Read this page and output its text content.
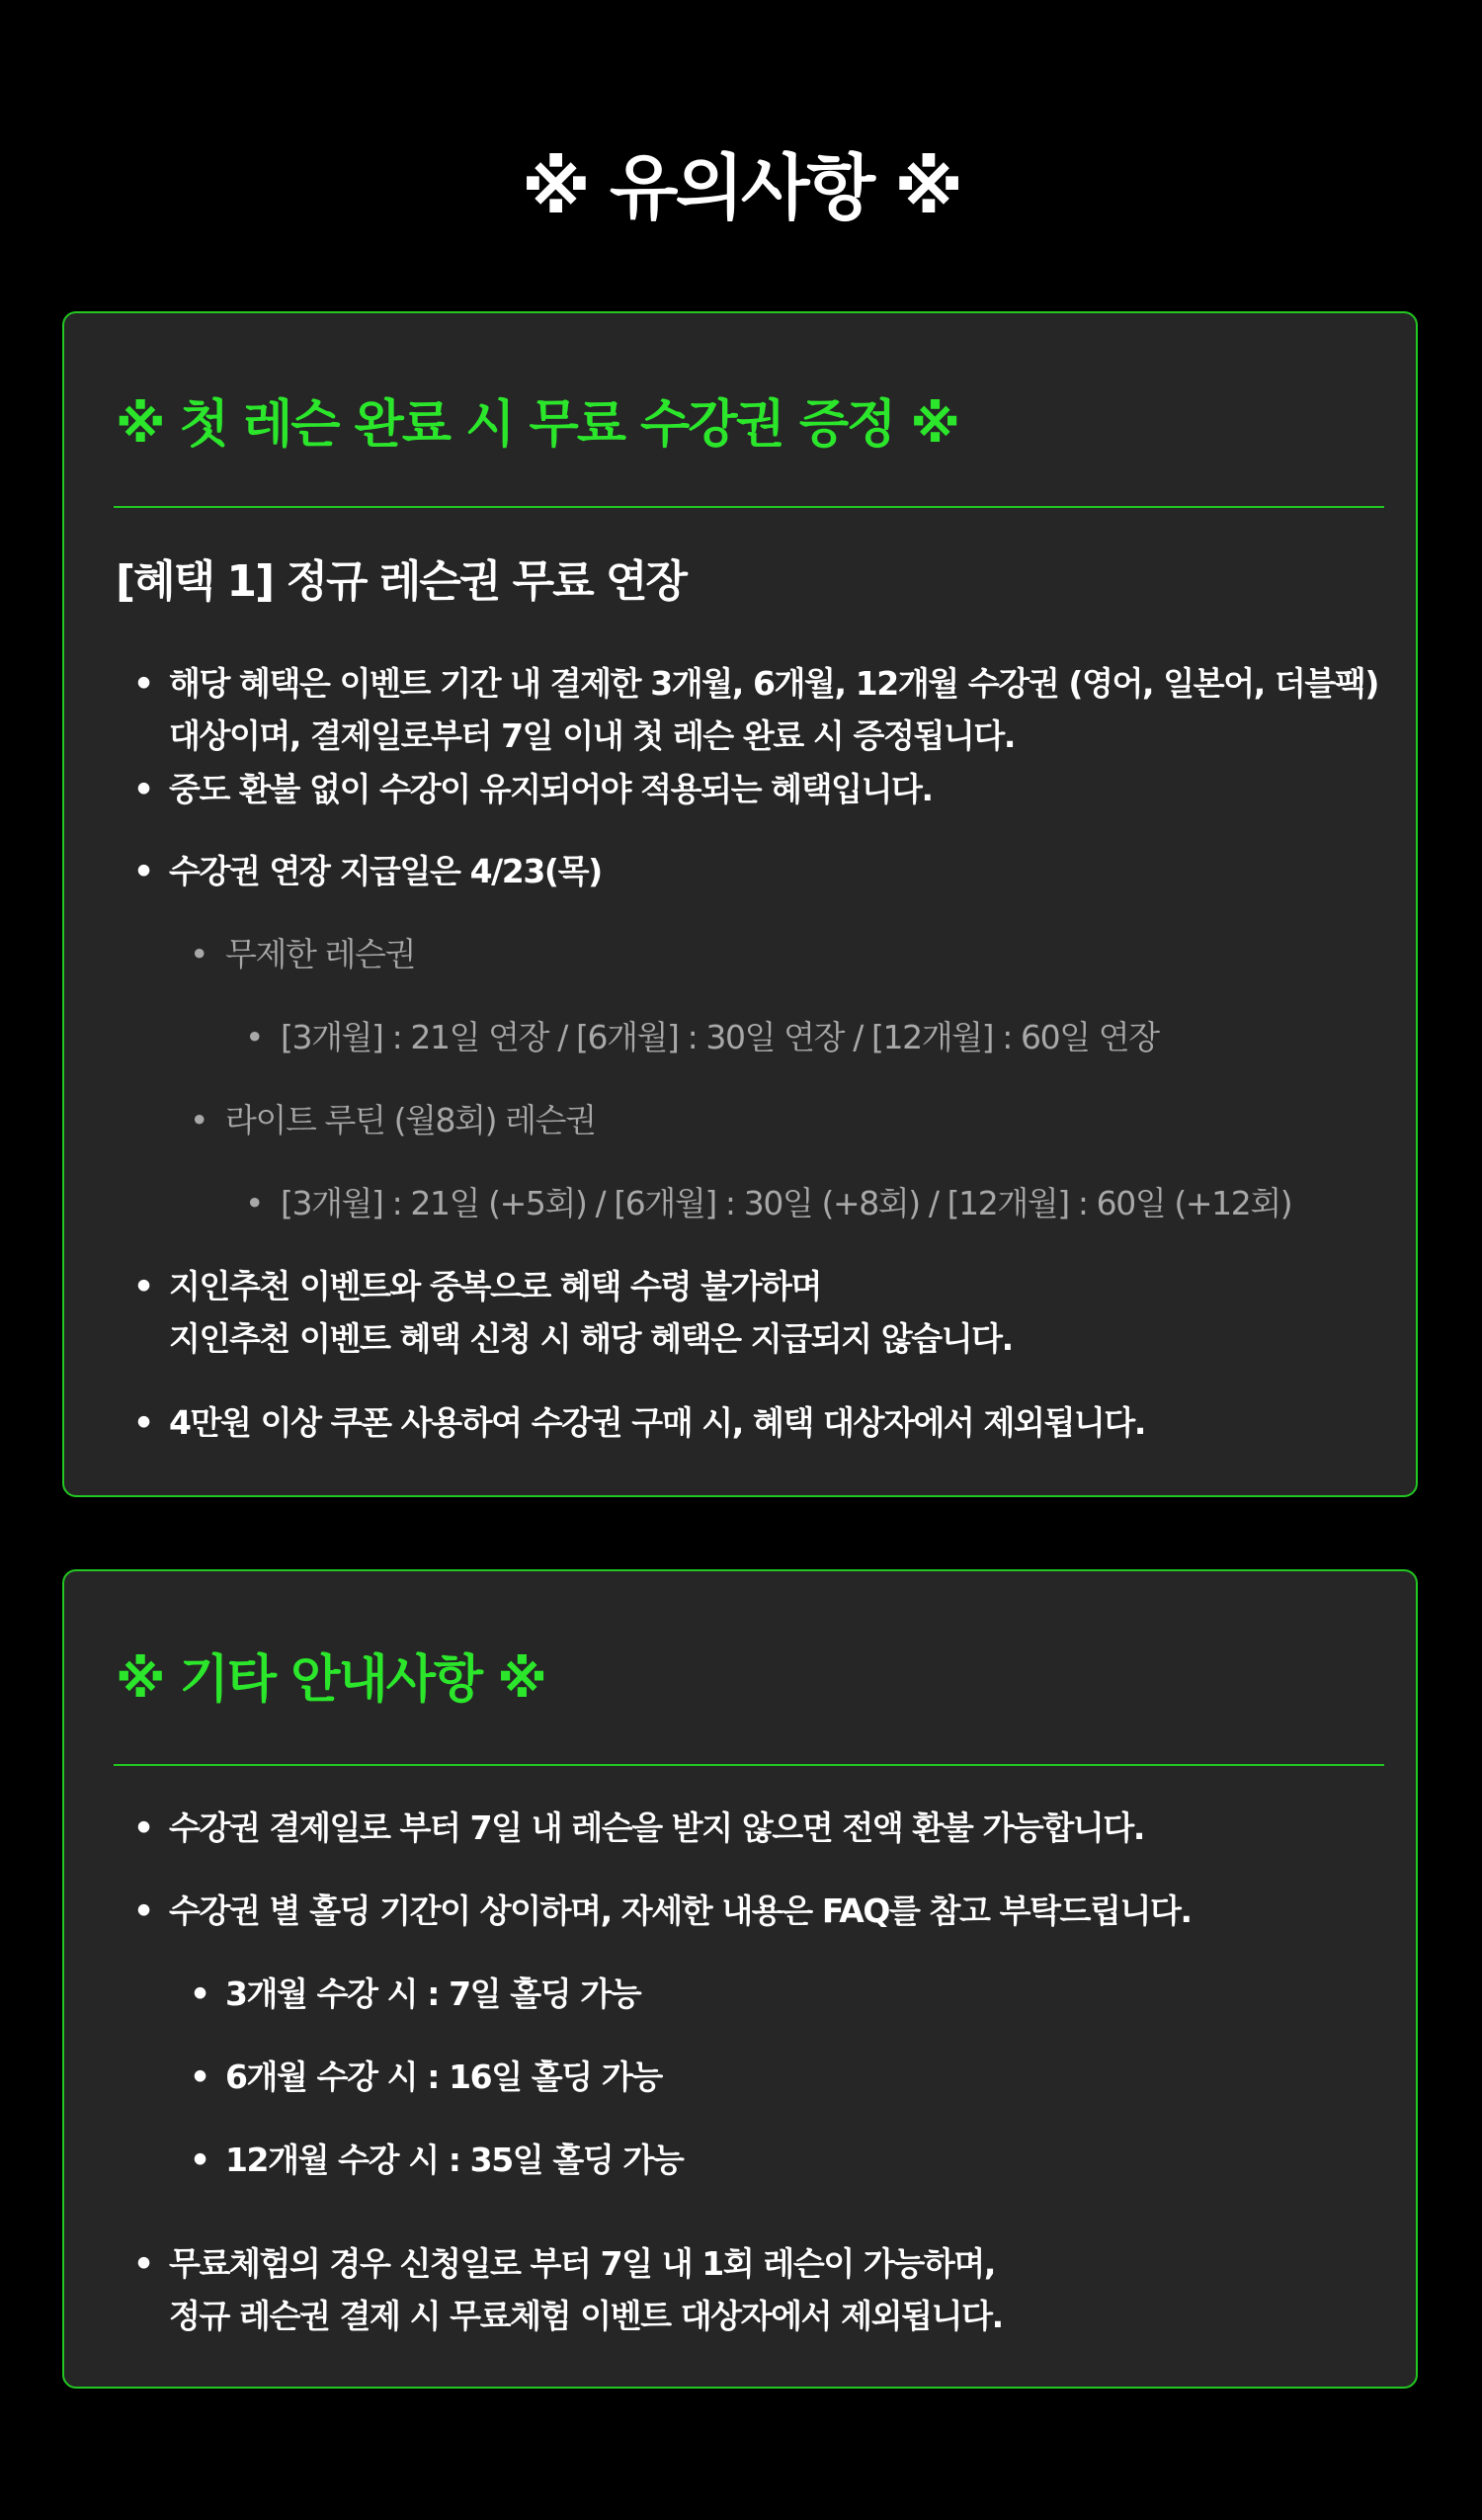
※ 유의사항 ※
※ 첫 레슨 완료 시 무료 수강권 증정 ※
[혜택 1] 정규 레슨권 무료 연장
• 해당 혜택은 이벤트 기간 내 결제한 3개월, 6개월, 12개월 수강권 (영어, 일본어, 더블팩)
대상이며, 결제일로부터 7일 이내 첫 레슨 완료 시 증정됩니다.
• 중도 환불 없이 수강이 유지되어야 적용되는 혜택입니다.
• 수강권 연장 지급일은 4/23(목)
• 무제한 레슨권
• [3개월] : 21일 연장 / [6개월] : 30일 연장 / [12개월] : 60일 연장
• 라이트 루틴 (월8회) 레슨권
• [3개월] : 21일 (+5회) / [6개월] : 30일 (+8회) / [12개월] : 60일 (+12회)
• 지인추천 이벤트와 중복으로 혜택 수령 불가하며
지인추천 이벤트 혜택 신청 시 해당 혜택은 지급되지 않습니다.
• 4만원 이상 쿠폰 사용하여 수강권 구매 시, 혜택 대상자에서 제외됩니다.
※ 기타 안내사항 ※
• 수강권 결제일로 부터 7일 내 레슨을 받지 않으면 전액 환불 가능합니다.
• 수강권 별 홀딩 기간이 상이하며, 자세한 내용은 FAQ를 참고 부탁드립니다.
• 3개월 수강 시 : 7일 홀딩 가능
• 6개월 수강 시 : 16일 홀딩 가능
• 12개월 수강 시 : 35일 홀딩 가능
• 무료체험의 경우 신청일로 부터 7일 내 1회 레슨이 가능하며,
정규 레슨권 결제 시 무료체험 이벤트 대상자에서 제외됩니다.
